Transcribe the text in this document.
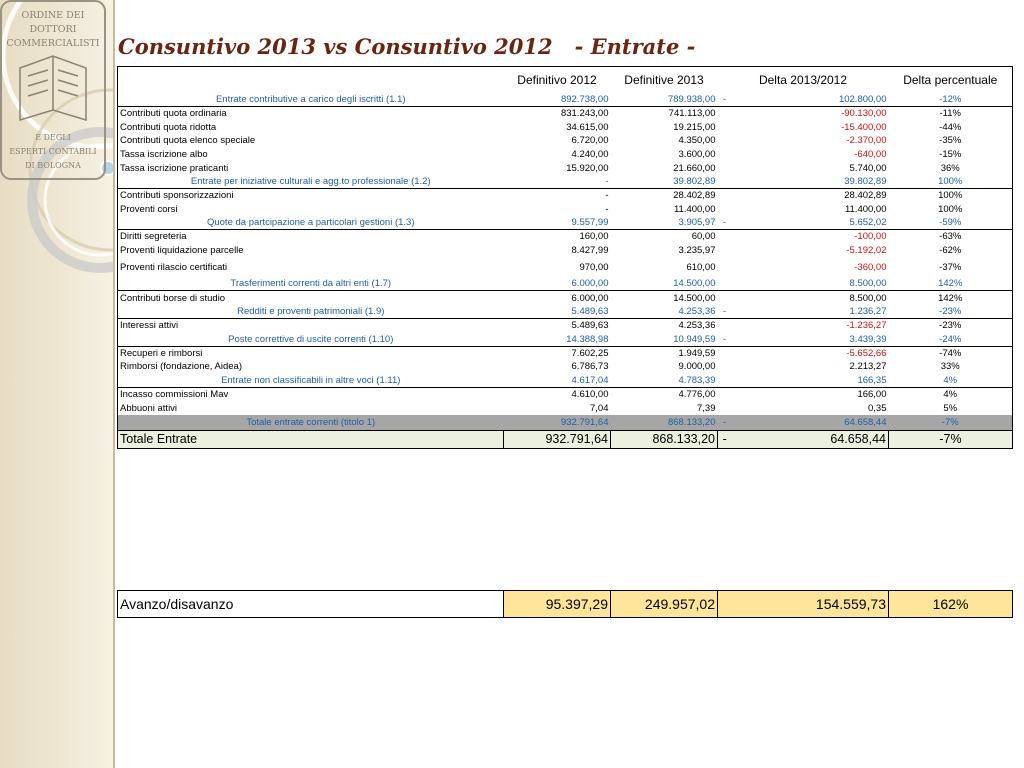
ORDINE DEI
DOTTORI
COMMERCIALISTI
E DEGLI
ESPERTI CONTABILI
DI BOLOGNA
Consuntivo 2013 vs Consuntivo 2012   - Entrate -
	Definitivo 2012	Definitive 2013	Delta 2013/2012		Delta percentuale
Entrate contributive a carico degli iscritti (1.1)	892.738,00	789.938,00	-	102.800,00	-12%
Contributi quota ordinaria	831.243,00	741.113,00		-90.130,00	-11%
Contributi quota ridotta	34.615,00	19.215,00		-15.400,00	-44%
Contributi quota elenco speciale	6.720,00	4.350,00		-2.370,00	-35%
Tassa iscrizione albo	4.240,00	3.600,00		-640,00	-15%
Tassa iscrizione praticanti	15.920,00	21.660,00		5.740,00	36%
Entrate per iniziative culturali e agg.to professionale (1.2)	-	39.802,89		39.802,89	100%
Contributi sponsorizzazioni	-	28.402,89		28.402,89	100%
Proventi corsi	-	11.400,00		11.400,00	100%
Quote da partcipazione a particolari gestioni (1.3)	9.557,99	3.905,97	-	5.652,02	-59%
Diritti segreteria	160,00	60,00		-100,00	-63%
Proventi liquidazione parcelle	8.427,99	3.235,97		-5.192,02	-62%
Proventi rilascio certificati	970,00	610,00		-360,00	-37%
Trasferimenti correnti da altri enti (1.7)	6.000,00	14.500,00		8.500,00	142%
Contributi borse di studio	6.000,00	14.500,00		8.500,00	142%
Redditi e proventi patrimoniali (1.9)	5.489,63	4.253,36	-	1.236,27	-23%
Interessi attivi	5.489,63	4.253,36		-1.236,27	-23%
Poste correttive di uscite correnti (1.10)	14.388,98	10.949,59	-	3.439,39	-24%
Recuperi e rimborsi	7.602,25	1.949,59		-5.652,66	-74%
Rimborsi (fondazione, Aidea)	6.786,73	9.000,00		2.213,27	33%
Entrate non classificabili in altre voci (1.11)	4.617,04	4.783,39		166,35	4%
Incasso commissioni Mav	4.610,00	4.776,00		166,00	4%
Abbuoni attivi	7,04	7,39		0,35	5%
Totale entrate correnti (titolo 1)	932.791,64	868.133,20	-	64.658,44	-7%
Totale Entrate	932.791,64	868.133,20	-	64.658,44	-7%
Avanzo/disavanzo	95.397,29	249.957,02	154.559,73	162%
